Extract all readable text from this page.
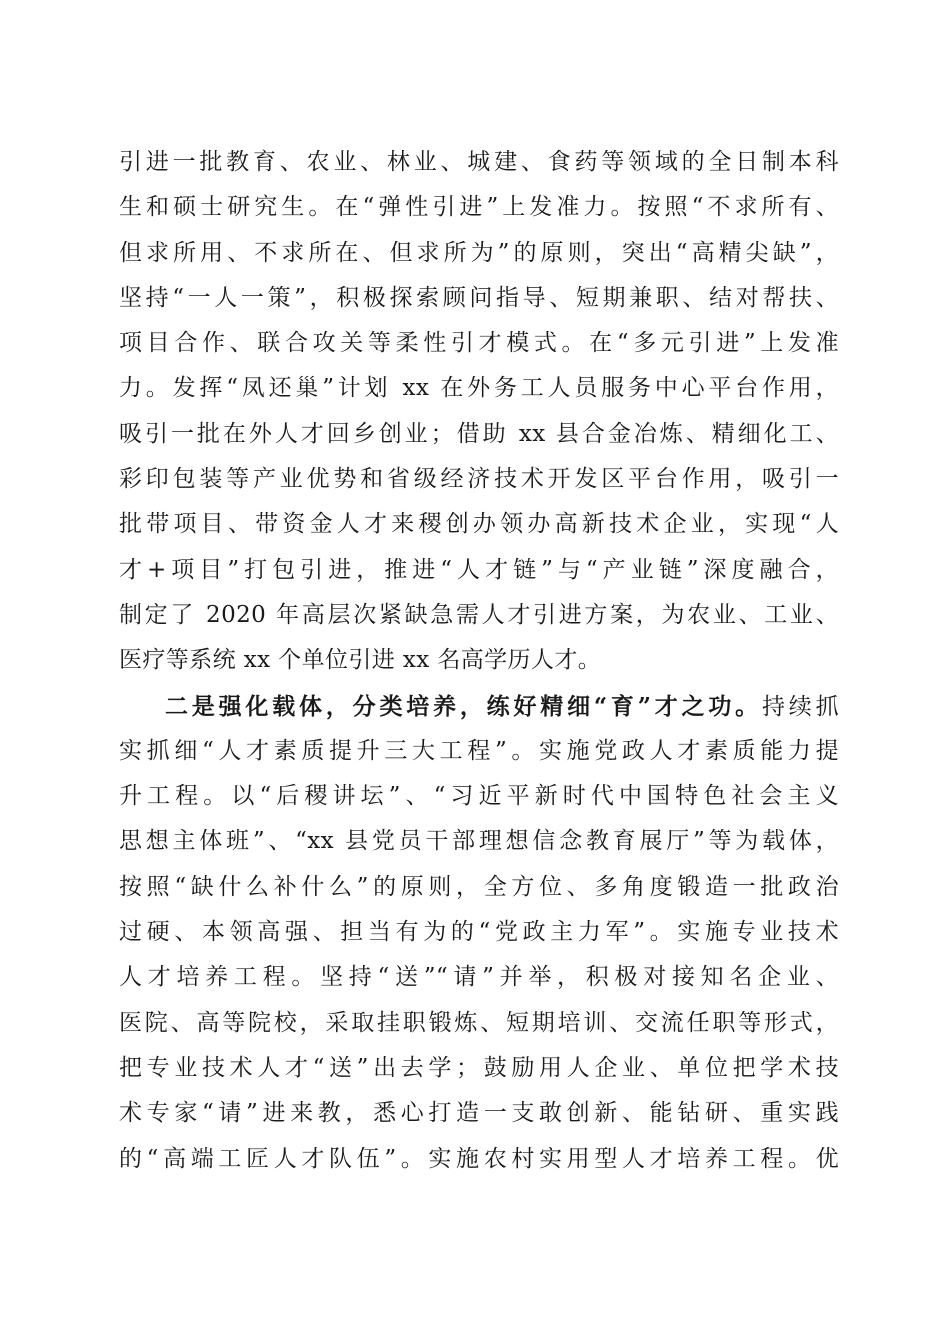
引进一批教育、农业、林业、城建、食药等领域的全日制本科
生和硕士研究生。在“弹性引进”上发准力。按照“不求所有、
但求所用、不求所在、但求所为”的原则，突出“高精尖缺”，
坚持“一人一策”，积极探索顾问指导、短期兼职、结对帮扶、
项目合作、联合攻关等柔性引才模式。在“多元引进”上发准
力。发挥“凤还巢”计划 xx 在外务工人员服务中心平台作用，
吸引一批在外人才回乡创业；借助 xx 县合金冶炼、精细化工、
彩印包装等产业优势和省级经济技术开发区平台作用，吸引一
批带项目、带资金人才来稷创办领办高新技术企业，实现“人
才+项目”打包引进，推进“人才链”与“产业链”深度融合，
制定了 2020 年高层次紧缺急需人才引进方案，为农业、工业、
医疗等系统 xx 个单位引进 xx 名高学历人才。
二是强化载体，分类培养，练好精细“育”才之功。持续抓
实抓细“人才素质提升三大工程”。实施党政人才素质能力提
升工程。以“后稷讲坛”、“习近平新时代中国特色社会主义
思想主体班”、“xx 县党员干部理想信念教育展厅”等为载体，
按照“缺什么补什么”的原则，全方位、多角度锻造一批政治
过硬、本领高强、担当有为的“党政主力军”。实施专业技术
人才培养工程。坚持“送”“请”并举，积极对接知名企业、
医院、高等院校，采取挂职锻炼、短期培训、交流任职等形式，
把专业技术人才“送”出去学；鼓励用人企业、单位把学术技
术专家“请”进来教，悉心打造一支敢创新、能钻研、重实践
的“高端工匠人才队伍”。实施农村实用型人才培养工程。优
